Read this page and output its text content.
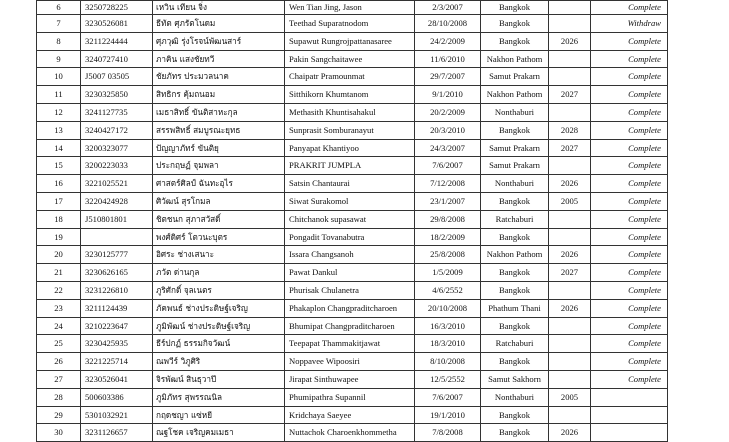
6	3250728225	เหวิน เทียน จิ่ง	Wen Tian Jing, Jason	2/3/2007	Bangkok		Complete
7	3230526081	ธีทัต ศุภรัตโนดม	Teethad Suparatnodom	28/10/2008	Bangkok		Withdraw
8	3211224444	ศุภวุฒิ รุ่งโรจน์พัฒนสาร์	Supawut Rungrojpattanasaree	24/2/2009	Bangkok	2026	Complete
9	3240727410	ภาคิน แสงชัยทวี	Pakin Sangchaitawee	11/6/2010	Nakhon Pathom		Complete
10	J5007 03505	ชัยภัทร ประมวลนาค	Chaipatr Pramounmat	29/7/2007	Samut Prakarn		Complete
11	3230325850	สิทธิกร คุ้มถนอม	Sitthikorn Khumtanom	9/1/2010	Nakhon Pathom	2027	Complete
12	3241127735	เมธาสิทธิ์ ขันติสาหะกุล	Methasith Khuntisahakul	20/2/2009	Nonthaburi		Complete
13	3240427172	สรรพสิทธิ์ สมบูรณะยุทธ	Sunprasit Somburanayut	20/3/2010	Bangkok	2028	Complete
14	3200323077	ปัญญาภัทร์ ขันติยุ	Panyapat Khantiyoo	24/3/2007	Samut Prakarn	2027	Complete
15	3200223033	ประกฤษฏ์ จุมพลา	PRAKRIT JUMPLA	7/6/2007	Samut Prakarn		Complete
16	3221025521	ศาสตร์ศิลป์ ฉันทะอุไร	Satsin Chantaurai	7/12/2008	Nonthaburi	2026	Complete
17	3220424928	ศิวัฒน์ สุรโกมล	Siwat Surakomol	23/1/2007	Bangkok	2005	Complete
18	J510801801	ชิตชนก สุภาสวัสดิ์	Chitchanok supasawat	29/8/2008	Ratchaburi		Complete
19		พงศ์ดิศร์ โตวนะบุตร	Pongadit Tovanabutra	18/2/2009	Bangkok		Complete
20	3230125777	อิศระ ช่างเสนาะ	Issara Changsanoh	25/8/2008	Nakhon Pathom	2026	Complete
21	3230626165	ภวัต ด่านกุล	Pawat Dankul	1/5/2009	Bangkok	2027	Complete
22	3231226810	ภูริศักดิ์ จุลเนตร	Phurisak Chulanetra	4/6/2552	Bangkok		Complete
23	3211124439	ภัคพนธ์ ช่างประดิษฐ์เจริญ	Phakaplon Changpraditcharoen	20/10/2008	Phathum Thani	2026	Complete
24	3210223647	ภูมิพัฒน์ ช่างประดิษฐ์เจริญ	Bhumipat Changpraditcharoen	16/3/2010	Bangkok		Complete
25	3230425935	ธีร์ปกฏ์ ธรรมกิจวัฒน์	Teepapat Thammakitjawat	18/3/2010	Ratchaburi		Complete
26	3221225714	ณพวีร์ วิภูศิริ	Noppavee Wipoosiri	8/10/2008	Bangkok		Complete
27	3230526041	จิรพัฒน์ สินธุวาปี	Jirapat Sinthuwapee	12/5/2552	Samut Sakhorn		Complete
28	500603386	ภูมิภัทร สุพรรณนิล	Phumipathra Supannil	7/6/2007	Nonthaburi	2005	
29	5301032921	กฤดชญา แซ่หยี	Kridchaya Saeyee	19/1/2010	Bangkok		
30	3231126657	ณฐโชค เจริญคมเมธา	Nuttachok Charoenkhommetha	7/8/2008	Bangkok	2026	
